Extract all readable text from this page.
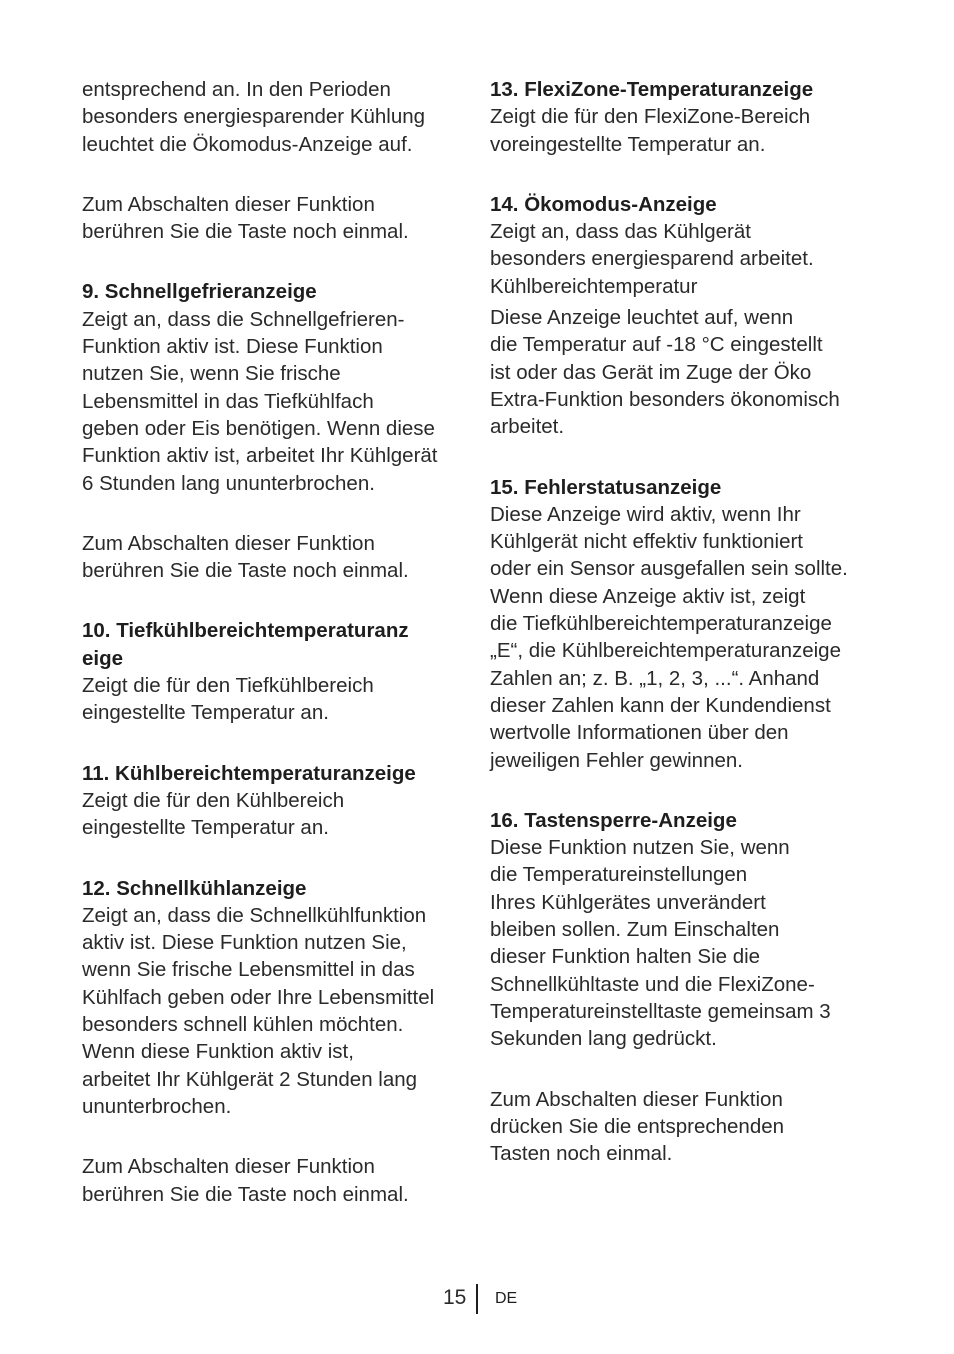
entsprechend an. In den Perioden
besonders energiesparender Kühlung
leuchtet die Ökomodus-Anzeige auf.

Zum Abschalten dieser Funktion
berühren Sie die Taste noch einmal.

9. Schnellgefrieranzeige
Zeigt an, dass die Schnellgefrieren-
Funktion aktiv ist. Diese Funktion
nutzen Sie, wenn Sie frische
Lebensmittel in das Tiefkühlfach
geben oder Eis benötigen. Wenn diese
Funktion aktiv ist, arbeitet Ihr Kühlgerät
6 Stunden lang ununterbrochen.

Zum Abschalten dieser Funktion
berühren Sie die Taste noch einmal.

10. Tiefkühlbereichtemperaturanz
eige
Zeigt die für den Tiefkühlbereich
eingestellte Temperatur an.

11. Kühlbereichtemperaturanzeige
Zeigt die für den Kühlbereich
eingestellte Temperatur an.

12. Schnellkühlanzeige
Zeigt an, dass die Schnellkühlfunktion
aktiv ist. Diese Funktion nutzen Sie,
wenn Sie frische Lebensmittel in das
Kühlfach geben oder Ihre Lebensmittel
besonders schnell kühlen möchten.
Wenn diese Funktion aktiv ist,
arbeitet Ihr Kühlgerät 2 Stunden lang
ununterbrochen.

Zum Abschalten dieser Funktion
berühren Sie die Taste noch einmal.

13. FlexiZone-Temperaturanzeige
Zeigt die für den FlexiZone-Bereich
voreingestellte Temperatur an.

14. Ökomodus-Anzeige
Zeigt an, dass das Kühlgerät
besonders energiesparend arbeitet.
Kühlbereichtemperatur

Diese Anzeige leuchtet auf, wenn
die Temperatur auf -18 °C eingestellt
ist oder das Gerät im Zuge der Öko
Extra-Funktion besonders ökonomisch
arbeitet.

15. Fehlerstatusanzeige
Diese Anzeige wird aktiv, wenn Ihr
Kühlgerät nicht effektiv funktioniert
oder ein Sensor ausgefallen sein sollte.
Wenn diese Anzeige aktiv ist, zeigt
die Tiefkühlbereichtemperaturanzeige
„E“, die Kühlbereichtemperaturanzeige
Zahlen an; z. B. „1, 2, 3, ...“. Anhand
dieser Zahlen kann der Kundendienst
wertvolle Informationen über den
jeweiligen Fehler gewinnen.

16. Tastensperre-Anzeige
Diese Funktion nutzen Sie, wenn
die Temperatureinstellungen
Ihres Kühlgerätes unverändert
bleiben sollen. Zum Einschalten
dieser Funktion halten Sie die
Schnellkühltaste und die FlexiZone-
Temperatureinstelltaste gemeinsam 3
Sekunden lang gedrückt.

Zum Abschalten dieser Funktion
drücken Sie die entsprechenden
Tasten noch einmal.

15 DE
